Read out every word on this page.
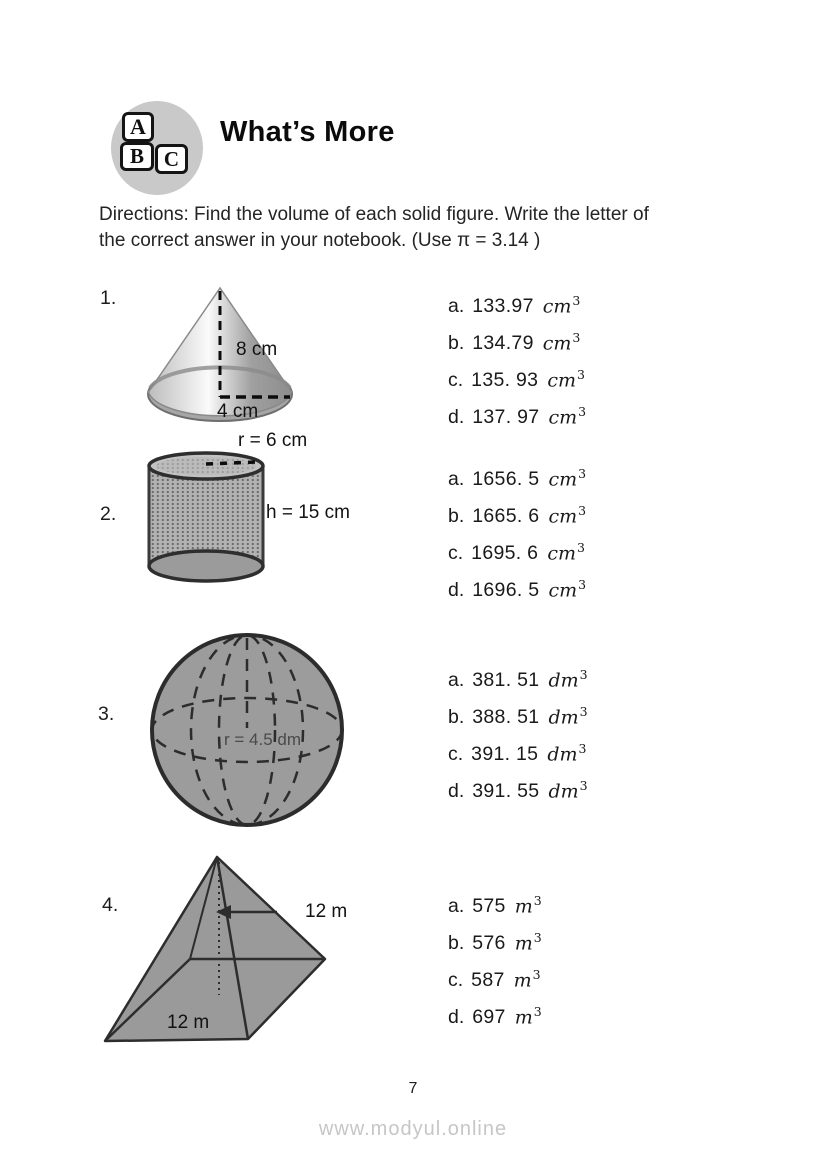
A
B C
What’s More
Directions: Find the volume of each solid figure. Write the letter of
the correct answer in your notebook. (Use π = 3.14 )
1.
8 cm
4 cm
a. 133.97 $cm^3$
b. 134.79 $cm^3$
c. 135. 93 $cm^3$
d. 137. 97 $cm^3$
r = 6 cm
2.	h = 15 cm
a. 1656. 5 $cm^3$
b. 1665. 6 $cm^3$
c. 1695. 6 $cm^3$
d. 1696. 5 $cm^3$
3.
r = 4.5 dm
a. 381. 51 $dm^3$
b. 388. 51 $dm^3$
c. 391. 15 $dm^3$
d. 391. 55 $dm^3$
4.	12 m
12 m
a. 575 $m^3$
b. 576 $m^3$
c. 587 $m^3$
d. 697 $m^3$
7
www.modyul.online
